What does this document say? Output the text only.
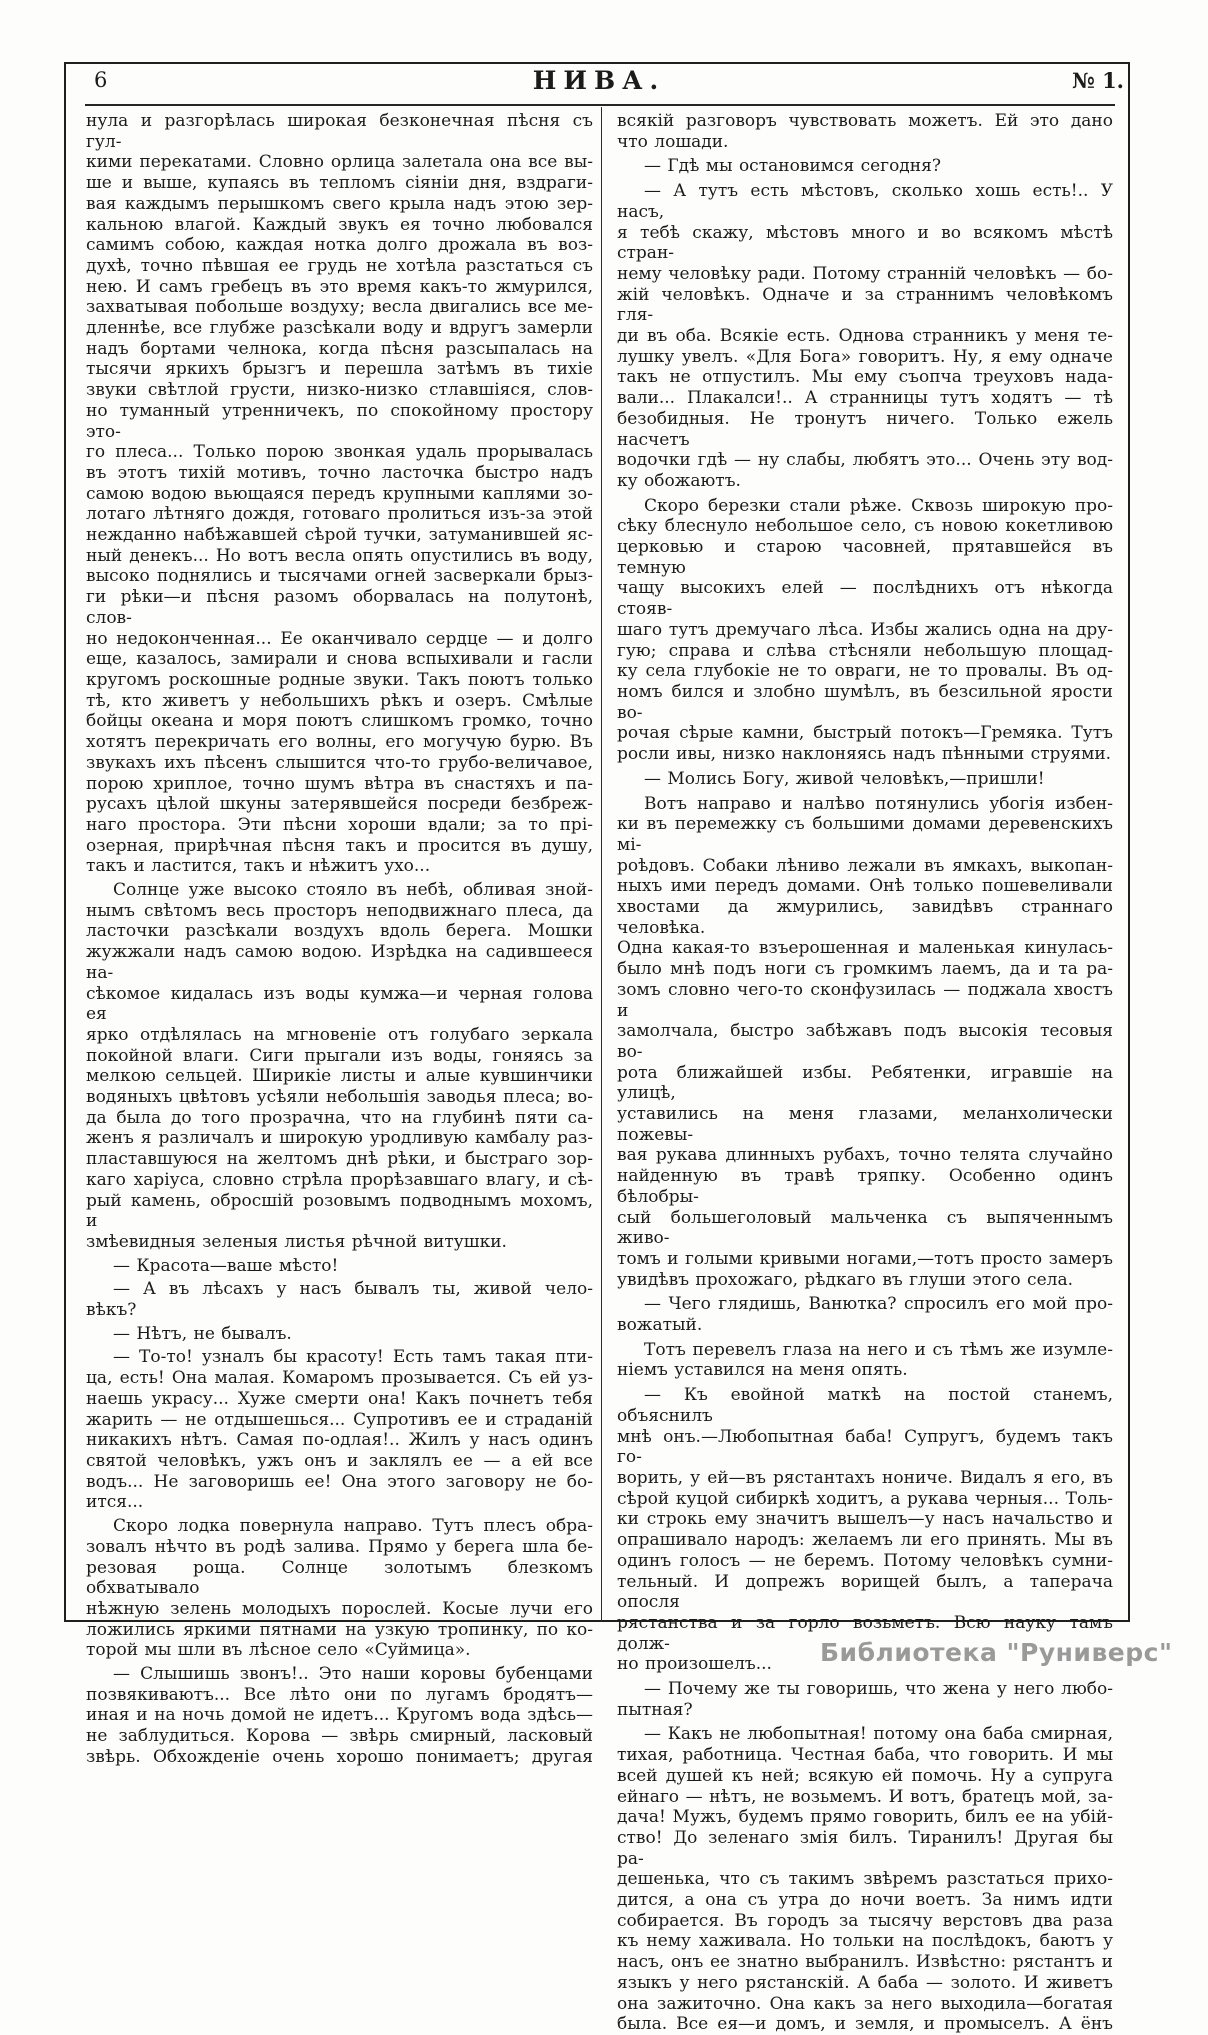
6	НИВА.	№ 1.
нула и разгорѣлась широкая безконечная пѣсня съ гул-
кими перекатами. Словно орлица залетала она все вы-
ше и выше, купаясь въ тепломъ сіяніи дня, вздраги-
вая каждымъ перышкомъ свего крыла надъ этою зер-
кальною влагой. Каждый звукъ ея точно любовался
самимъ собою, каждая нотка долго дрожала въ воз-
духѣ, точно пѣвшая ее грудь не хотѣла разстаться съ
нею. И самъ гребецъ въ это время какъ-то жмурился,
захватывая побольше воздуху; весла двигались все ме-
дленнѣе, все глубже разсѣкали воду и вдругъ замерли
надъ бортами челнока, когда пѣсня разсыпалась на
тысячи яркихъ брызгъ и перешла затѣмъ въ тихіе
звуки свѣтлой грусти, низко-низко стлавшіяся, слов-
но туманный утренничекъ, по спокойному простору это-
го плеса... Только порою звонкая удаль прорывалась
въ этотъ тихій мотивъ, точно ласточка быстро надъ
самою водою вьющаяся передъ крупными каплями зо-
лотаго лѣтняго дождя, готоваго пролиться изъ-за этой
нежданно набѣжавшей сѣрой тучки, затуманившей яс-
ный денекъ... Но вотъ весла опять опустились въ воду,
высоко поднялись и тысячами огней засверкали брыз-
ги рѣки—и пѣсня разомъ оборвалась на полутонѣ, слов-
но недоконченная... Ее оканчивало сердце — и долго
еще, казалось, замирали и снова вспыхивали и гасли
кругомъ роскошные родные звуки. Такъ поютъ только
тѣ, кто живетъ у небольшихъ рѣкъ и озеръ. Смѣлые
бойцы океана и моря поютъ слишкомъ громко, точно
хотятъ перекричать его волны, его могучую бурю. Въ
звукахъ ихъ пѣсенъ слышится что-то грубо-величавое,
порою хриплое, точно шумъ вѣтра въ снастяхъ и па-
русахъ цѣлой шкуны затерявшейся посреди безбреж-
наго простора. Эти пѣсни хороши вдали; за то прі-
озерная, прирѣчная пѣсня такъ и просится въ душу,
такъ и ластится, такъ и нѣжитъ ухо...
Солнце уже высоко стояло въ небѣ, обливая зной-
нымъ свѣтомъ весь просторъ неподвижнаго плеса, да
ласточки разсѣкали воздухъ вдоль берега. Мошки
жужжали надъ самою водою. Изрѣдка на садившееся на-
сѣкомое кидалась изъ воды кумжа—и черная голова ея
ярко отдѣлялась на мгновеніе отъ голубаго зеркала
покойной влаги. Сиги прыгали изъ воды, гоняясь за
мелкою сельцей. Ширикіе листы и алые кувшинчики
водяныхъ цвѣтовъ усѣяли небольшія заводья плеса; во-
да была до того прозрачна, что на глубинѣ пяти са-
женъ я различалъ и широкую уродливую камбалу раз-
пластавшуюся на желтомъ днѣ рѣки, и быстраго зор-
каго харіуса, словно стрѣла прорѣзавшаго влагу, и сѣ-
рый камень, обросшій розовымъ подводнымъ мохомъ, и
змѣевидныя зеленыя листья рѣчной витушки.
— Красота—ваше мѣсто!
— А въ лѣсахъ у насъ бывалъ ты, живой чело-
вѣкъ?
— Нѣтъ, не бывалъ.
— То-то! узналъ бы красоту! Есть тамъ такая пти-
ца, есть! Она малая. Комаромъ прозывается. Съ ей уз-
наешь украсу... Хуже смерти она! Какъ почнетъ тебя
жарить — не отдышешься... Супротивъ ее и страданій
никакихъ нѣтъ. Самая по-одлая!.. Жилъ у насъ одинъ
святой человѣкъ, ужъ онъ и заклялъ ее — а ей все
водъ... Не заговоришь ее! Она этого заговору не бо-
ится...
Скоро лодка повернула направо. Тутъ плесъ обра-
зовалъ нѣчто въ родѣ залива. Прямо у берега шла бе-
резовая роща. Солнце золотымъ блезкомъ обхватывало
нѣжную зелень молодыхъ порослей. Косые лучи его
ложились яркими пятнами на узкую тропинку, по ко-
торой мы шли въ лѣсное село «Суймица».
— Слышишь звонъ!.. Это наши коровы бубенцами
позвякиваютъ... Все лѣто они по лугамъ бродятъ—
иная и на ночь домой не идетъ... Кругомъ вода здѣсь—
не заблудиться. Корова — звѣрь смирный, ласковый
звѣрь. Обхожденіе очень хорошо понимаетъ; другая
всякій разговоръ чувствовать можетъ. Ей это дано
что лошади.
— Гдѣ мы остановимся сегодня?
— А тутъ есть мѣстовъ, сколько хошь есть!.. У насъ,
я тебѣ скажу, мѣстовъ много и во всякомъ мѣстѣ стран-
нему человѣку ради. Потому странній человѣкъ — бо-
жій человѣкъ. Одначе и за страннимъ человѣкомъ гля-
ди въ оба. Всякіе есть. Однова странникъ у меня те-
лушку увелъ. «Для Бога» говоритъ. Ну, я ему одначе
такъ не отпустилъ. Мы ему съопча треуховъ нада-
вали... Плакалси!.. А странницы тутъ ходятъ — тѣ
безобидныя. Не тронутъ ничего. Только ежель насчетъ
водочки гдѣ — ну слабы, любятъ это... Очень эту вод-
ку обожаютъ.
Скоро березки стали рѣже. Сквозь широкую про-
сѣку блеснуло небольшое село, съ новою кокетливою
церковью и старою часовней, прятавшейся въ темную
чащу высокихъ елей — послѣднихъ отъ нѣкогда стояв-
шаго тутъ дремучаго лѣса. Избы жались одна на дру-
гую; справа и слѣва стѣсняли небольшую площад-
ку села глубокіе не то овраги, не то провалы. Въ од-
номъ бился и злобно шумѣлъ, въ безсильной ярости во-
рочая сѣрые камни, быстрый потокъ—Гремяка. Тутъ
росли ивы, низко наклоняясь надъ пѣнными струями.
— Молись Богу, живой человѣкъ,—пришли!
Вотъ направо и налѣво потянулись убогія избен-
ки въ перемежку съ большими домами деревенскихъ мі-
роѣдовъ. Собаки лѣниво лежали въ ямкахъ, выкопан-
ныхъ ими передъ домами. Онѣ только пошевеливали
хвостами да жмурились, завидѣвъ страннаго человѣка.
Одна какая-то взъерошенная и маленькая кинулась-
было мнѣ подъ ноги съ громкимъ лаемъ, да и та ра-
зомъ словно чего-то сконфузилась — поджала хвостъ и
замолчала, быстро забѣжавъ подъ высокія тесовыя во-
рота ближайшей избы. Ребятенки, игравшіе на улицѣ,
уставились на меня глазами, меланхолически пожевы-
вая рукава длинныхъ рубахъ, точно телята случайно
найденную въ травѣ тряпку. Особенно одинъ бѣлобры-
сый большеголовый мальченка съ выпяченнымъ живо-
томъ и голыми кривыми ногами,—тотъ просто замеръ
увидѣвъ прохожаго, рѣдкаго въ глуши этого села.
— Чего глядишь, Ванютка? спросилъ его мой про-
вожатый.
Тотъ перевелъ глаза на него и съ тѣмъ же изумле-
ніемъ уставился на меня опять.
— Къ евойной маткѣ на постой станемъ, объяснилъ
мнѣ онъ.—Любопытная баба! Супругъ, будемъ такъ го-
ворить, у ей—въ рястантахъ нониче. Видалъ я его, въ
сѣрой куцой сибиркѣ ходитъ, а рукава черныя... Толь-
ки строкь ему значитъ вышелъ—у насъ начальство и
опрашивало народъ: желаемъ ли его принять. Мы въ
одинъ голосъ — не беремъ. Потому человѣкъ сумни-
тельный. И допрежъ ворищей былъ, а таперача опосля
рястанства и за горло возьметъ. Всю науку тамъ долж-
но произошелъ...
— Почему же ты говоришь, что жена у него любо-
пытная?
— Какъ не любопытная! потому она баба смирная,
тихая, работница. Честная баба, что говорить. И мы
всей душей къ ней; всякую ей помочь. Ну а супруга
ейнаго — нѣтъ, не возьмемъ. И вотъ, братецъ мой, за-
дача! Мужъ, будемъ прямо говорить, билъ ее на убій-
ство! До зеленаго змія билъ. Тиранилъ! Другая бы ра-
дешенька, что съ такимъ звѣремъ разстаться прихо-
дится, а она съ утра до ночи воетъ. За нимъ идти
собирается. Въ городъ за тысячу верстовъ два раза
къ нему хаживала. Но тольки на послѣдокъ, баютъ у
насъ, онъ ее знатно выбранилъ. Извѣстно: рястантъ и
языкъ у него рястанскій. А баба — золото. И живетъ
она зажиточно. Она какъ за него выходила—богатая
была. Все ея—и домъ, и земля, и промыселъ. А ёнъ
Библиотека "Руниверс"
